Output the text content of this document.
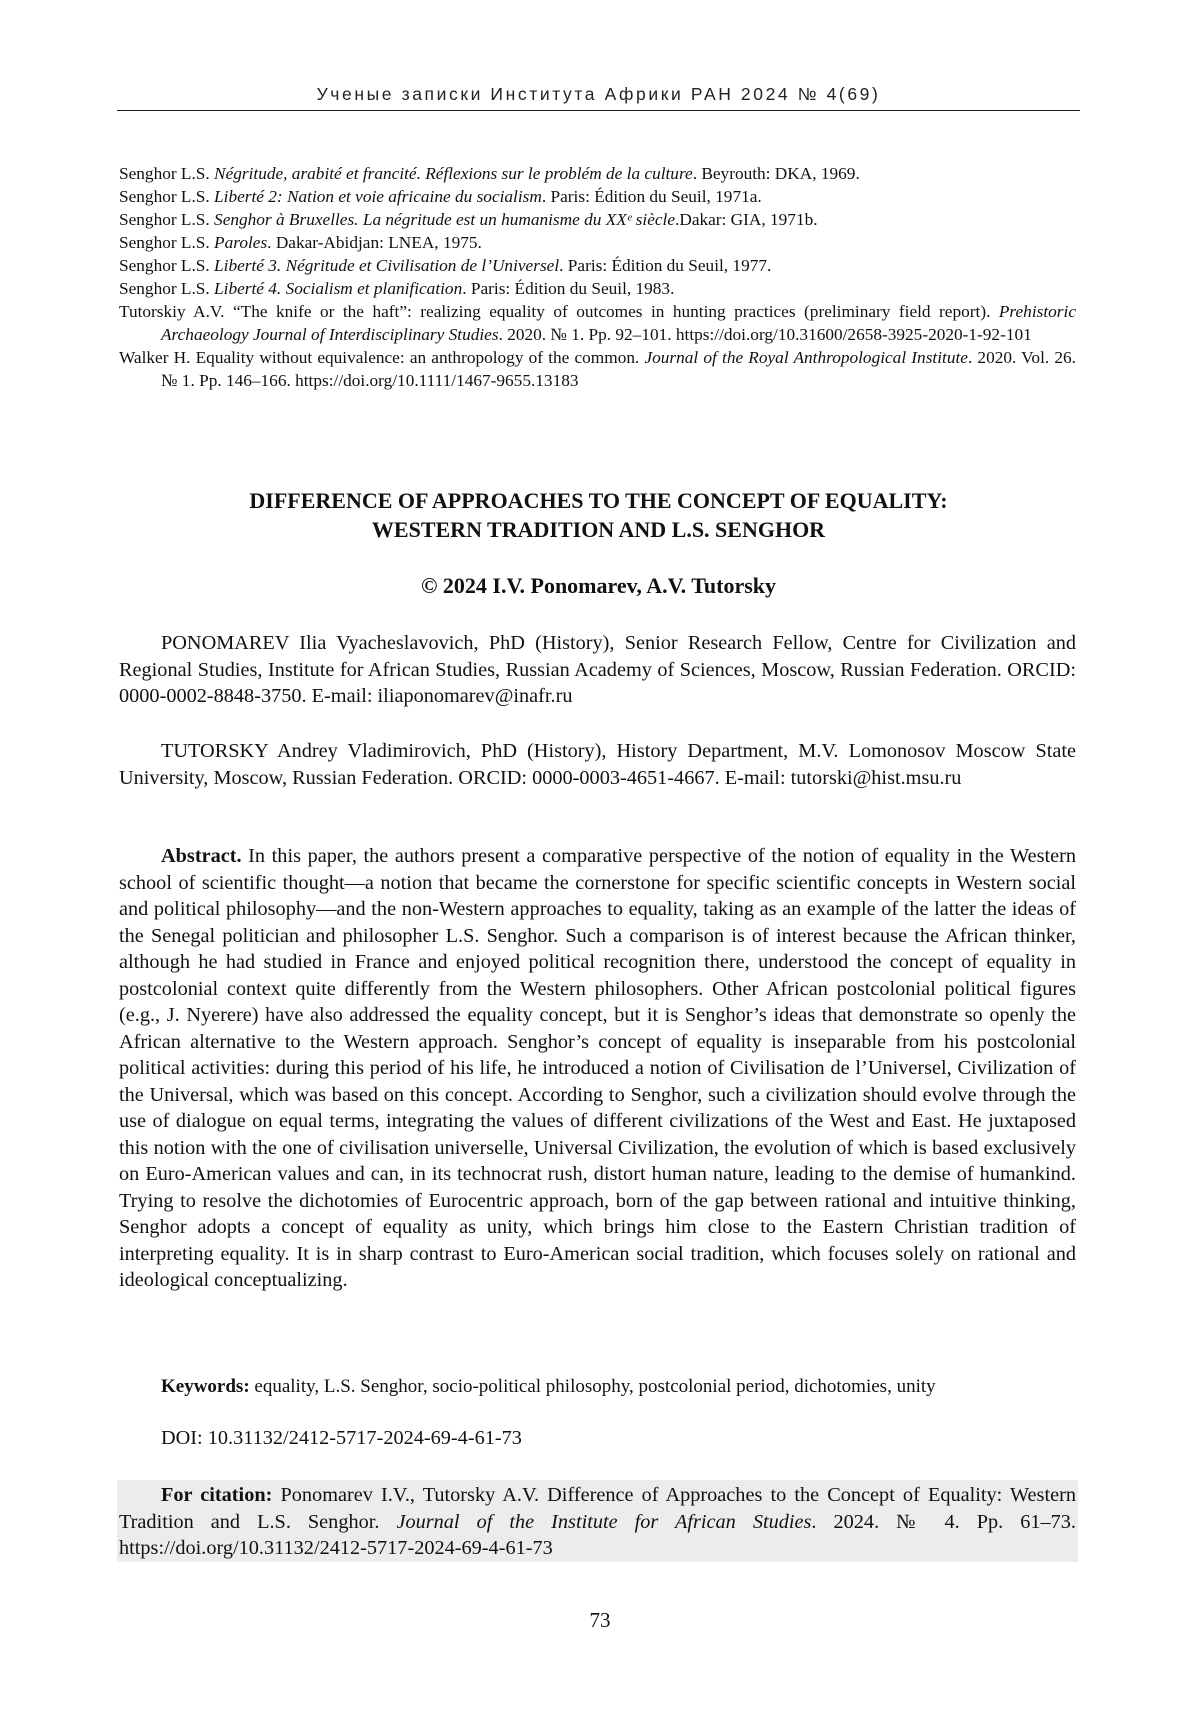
Ученые записки Института Африки РАН 2024 № 4(69)
Senghor L.S. Négritude, arabité et francité. Réflexions sur le problém de la culture. Beyrouth: DKA, 1969.
Senghor L.S. Liberté 2: Nation et voie africaine du socialism. Paris: Édition du Seuil, 1971a.
Senghor L.S. Senghor à Bruxelles. La négritude est un humanisme du XXᵉ siècle.Dakar: GIA, 1971b.
Senghor L.S. Paroles. Dakar-Abidjan: LNEA, 1975.
Senghor L.S. Liberté 3. Négritude et Civilisation de l’Universel. Paris: Édition du Seuil, 1977.
Senghor L.S. Liberté 4. Socialism et planification. Paris: Édition du Seuil, 1983.
Tutorskiy A.V. “The knife or the haft”: realizing equality of outcomes in hunting practices (preliminary field report). Prehistoric Archaeology Journal of Interdisciplinary Studies. 2020. № 1. Pp. 92–101. https://doi.org/10.31600/2658-3925-2020-1-92-101
Walker H. Equality without equivalence: an anthropology of the common. Journal of the Royal Anthropological Institute. 2020. Vol. 26. № 1. Pp. 146–166. https://doi.org/10.1111/1467-9655.13183
DIFFERENCE OF APPROACHES TO THE CONCEPT OF EQUALITY:
WESTERN TRADITION AND L.S. SENGHOR
© 2024 I.V. Ponomarev, A.V. Tutorsky
PONOMAREV Ilia Vyacheslavovich, PhD (History), Senior Research Fellow, Centre for Civilization and Regional Studies, Institute for African Studies, Russian Academy of Sciences, Moscow, Russian Federation. ORCID: 0000-0002-8848-3750. E-mail: iliaponomarev@inafr.ru
TUTORSKY Andrey Vladimirovich, PhD (History), History Department, M.V. Lomonosov Moscow State University, Moscow, Russian Federation. ORCID: 0000-0003-4651-4667. E-mail: tutorski@hist.msu.ru
Abstract. In this paper, the authors present a comparative perspective of the notion of equality in the Western school of scientific thought—a notion that became the cornerstone for specific scientific concepts in Western social and political philosophy—and the non-Western approaches to equality, taking as an example of the latter the ideas of the Senegal politician and philosopher L.S. Senghor. Such a comparison is of interest because the African thinker, although he had studied in France and enjoyed political recognition there, understood the concept of equality in postcolonial context quite differently from the Western philosophers. Other African postcolonial political figures (e.g., J. Nyerere) have also addressed the equality concept, but it is Senghor’s ideas that demonstrate so openly the African alternative to the Western approach. Senghor’s concept of equality is inseparable from his postcolonial political activities: during this period of his life, he introduced a notion of Civilisation de l’Universel, Civilization of the Universal, which was based on this concept. According to Senghor, such a civilization should evolve through the use of dialogue on equal terms, integrating the values of different civilizations of the West and East. He juxtaposed this notion with the one of civilisation universelle, Universal Civilization, the evolution of which is based exclusively on Euro-American values and can, in its technocrat rush, distort human nature, leading to the demise of humankind. Trying to resolve the dichotomies of Eurocentric approach, born of the gap between rational and intuitive thinking, Senghor adopts a concept of equality as unity, which brings him close to the Eastern Christian tradition of interpreting equality. It is in sharp contrast to Euro-American social tradition, which focuses solely on rational and ideological conceptualizing.
Keywords: equality, L.S. Senghor, socio-political philosophy, postcolonial period, dichotomies, unity
DOI: 10.31132/2412-5717-2024-69-4-61-73
For citation: Ponomarev I.V., Tutorsky A.V. Difference of Approaches to the Concept of Equality: Western Tradition and L.S. Senghor. Journal of the Institute for African Studies. 2024. № 4. Pp. 61–73. https://doi.org/10.31132/2412-5717-2024-69-4-61-73
73
